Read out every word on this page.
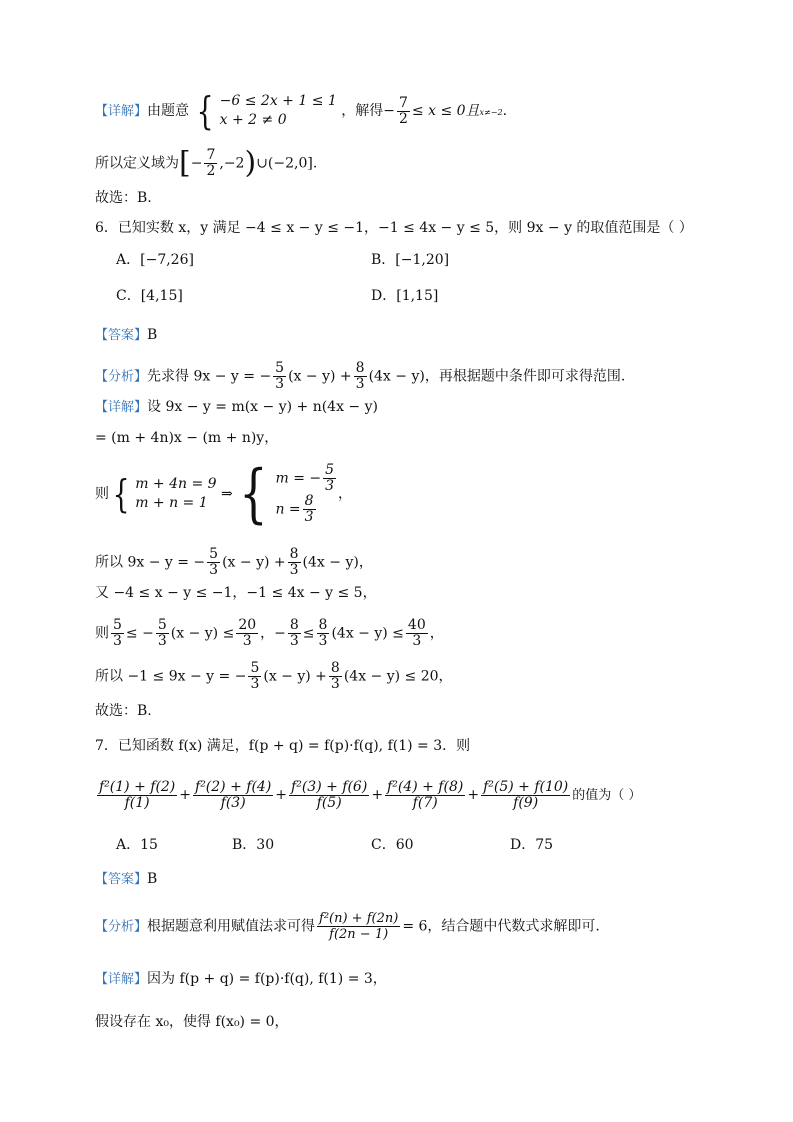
【详解】由题意 { −6 ≤ 2x + 1 ≤ 1
x + 2 ≠ 0
，解得− $\frac{7}{2} \le x \le 0$且x≠−2.
所以定义域为[− $\frac{7}{2}$ ,−2)∪(−2,0].
故选：B.
6．已知实数 x，y 满足 −4 ≤ x − y ≤ −1，−1 ≤ 4x − y ≤ 5，则 9x − y 的取值范围是（ ）
A．[−7,26]	B．[−1,20]
C．[4,15]	D．[1,15]
【答案】B
【分析】先求得 9x − y = − $\frac{5}{3} (x - y) + \frac{8}{3} (4x - y)$，再根据题中条件即可求得范围.
【详解】设 9x − y = m(x − y) + n(4x − y)
= (m + 4n)x − (m + n)y，
则{ m + 4n = 9
m + n = 1
⇒{ m = − $\frac{5}{3}$
$n = \frac{8}{3}$ ，
所以 9x − y = − $\frac{5}{3} (x - y) + \frac{8}{3} (4x - y)$，
又 −4 ≤ x − y ≤ −1，−1 ≤ 4x − y ≤ 5，
则 $\frac{5}{3}$ ≤ − $\frac{5}{3} (x - y) \le \frac{20}{3}$ ，− $\frac{8}{3} \le \frac{8}{3} (4x - y) \le \frac{40}{3}$ ，
所以 −1 ≤ 9x − y = − $\frac{5}{3} (x - y) + \frac{8}{3} (4x - y) \le 20$，
故选：B.
7．已知函数 f(x) 满足，f(p + q) = f(p)·f(q), f(1) = 3．则
$\frac{\text{f²(1) + f(2)}}{f(1)} + \frac{\text{f²(2) + f(4)}}{f(3)} + \frac{\text{f²(3) + f(6)}}{f(5)} + \frac{\text{f²(4) + f(8)}}{f(7)} + \frac{\text{f²(5) + f(10)}}{f(9)}$ 的值为（ ）
A．15	B．30	C．60	D．75
【答案】B
【分析】根据题意利用赋值法求可得 $\frac{\text{f²(n) + f(2n)}}{f(2n - 1)} = 6$，结合题中代数式求解即可.
【详解】因为 f(p + q) = f(p)·f(q), f(1) = 3，
假设存在 x₀，使得 f(x₀) = 0，
